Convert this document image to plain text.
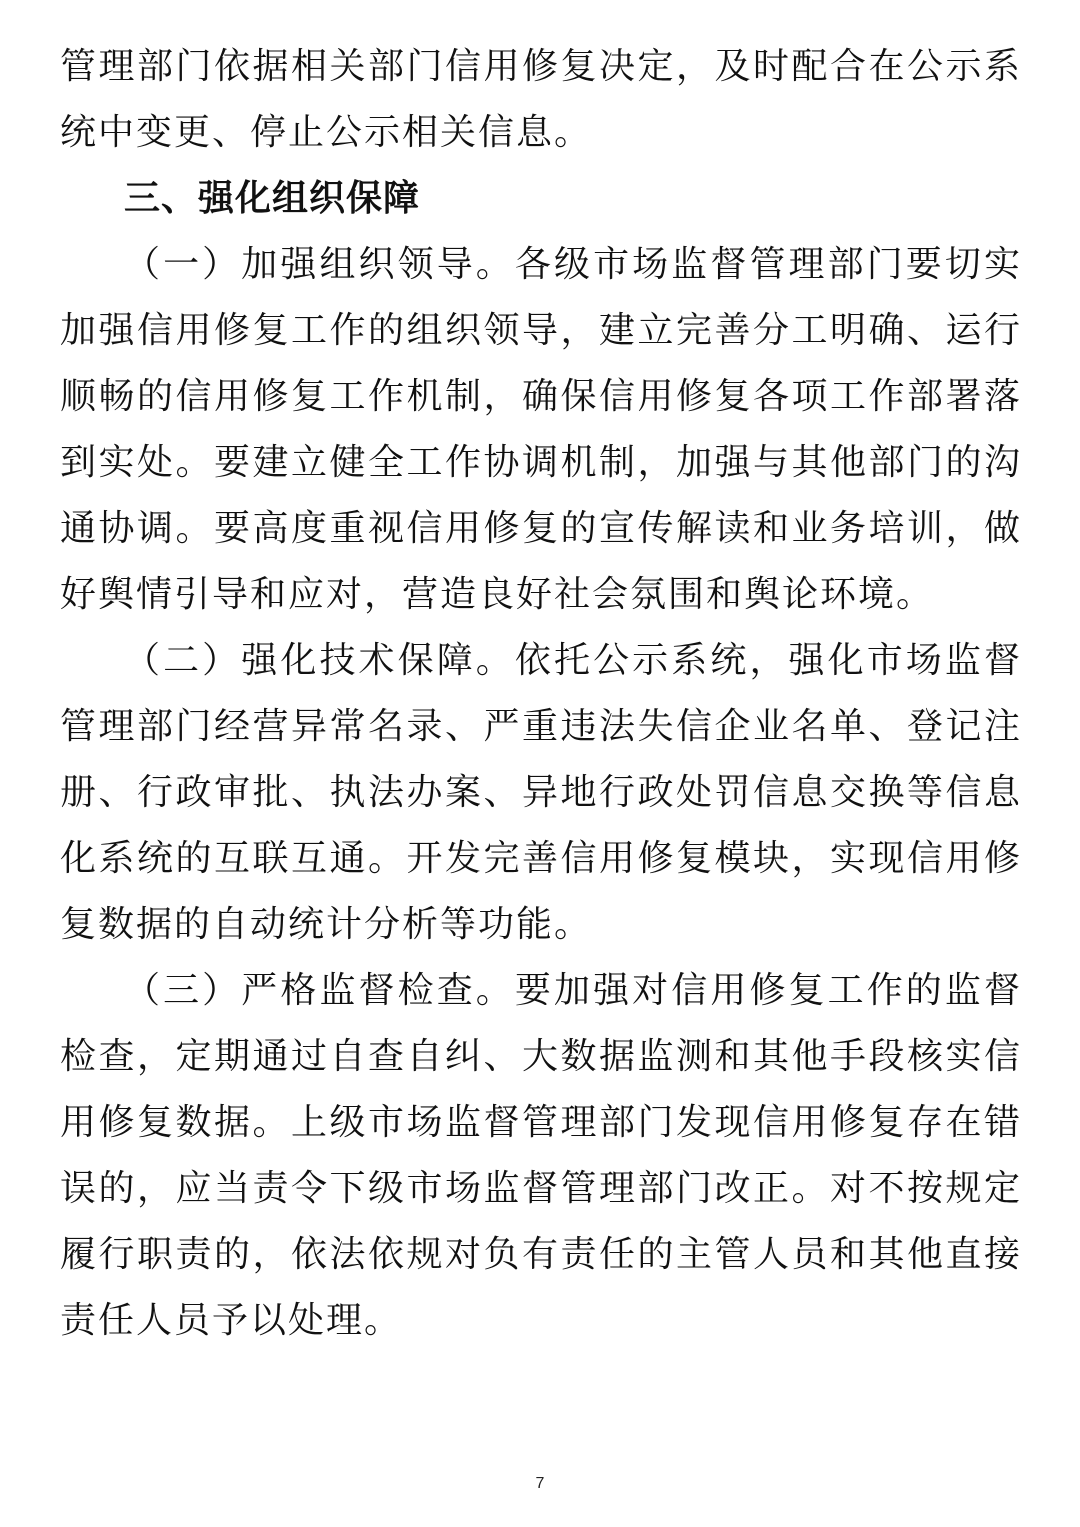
管理部门依据相关部门信用修复决定，及时配合在公示系统中变更、停止公示相关信息。

三、强化组织保障

（一）加强组织领导。各级市场监督管理部门要切实加强信用修复工作的组织领导，建立完善分工明确、运行顺畅的信用修复工作机制，确保信用修复各项工作部署落到实处。要建立健全工作协调机制，加强与其他部门的沟通协调。要高度重视信用修复的宣传解读和业务培训，做好舆情引导和应对，营造良好社会氛围和舆论环境。

（二）强化技术保障。依托公示系统，强化市场监督管理部门经营异常名录、严重违法失信企业名单、登记注册、行政审批、执法办案、异地行政处罚信息交换等信息化系统的互联互通。开发完善信用修复模块，实现信用修复数据的自动统计分析等功能。

（三）严格监督检查。要加强对信用修复工作的监督检查，定期通过自查自纠、大数据监测和其他手段核实信用修复数据。上级市场监督管理部门发现信用修复存在错误的，应当责令下级市场监督管理部门改正。对不按规定履行职责的，依法依规对负有责任的主管人员和其他直接责任人员予以处理。

7
